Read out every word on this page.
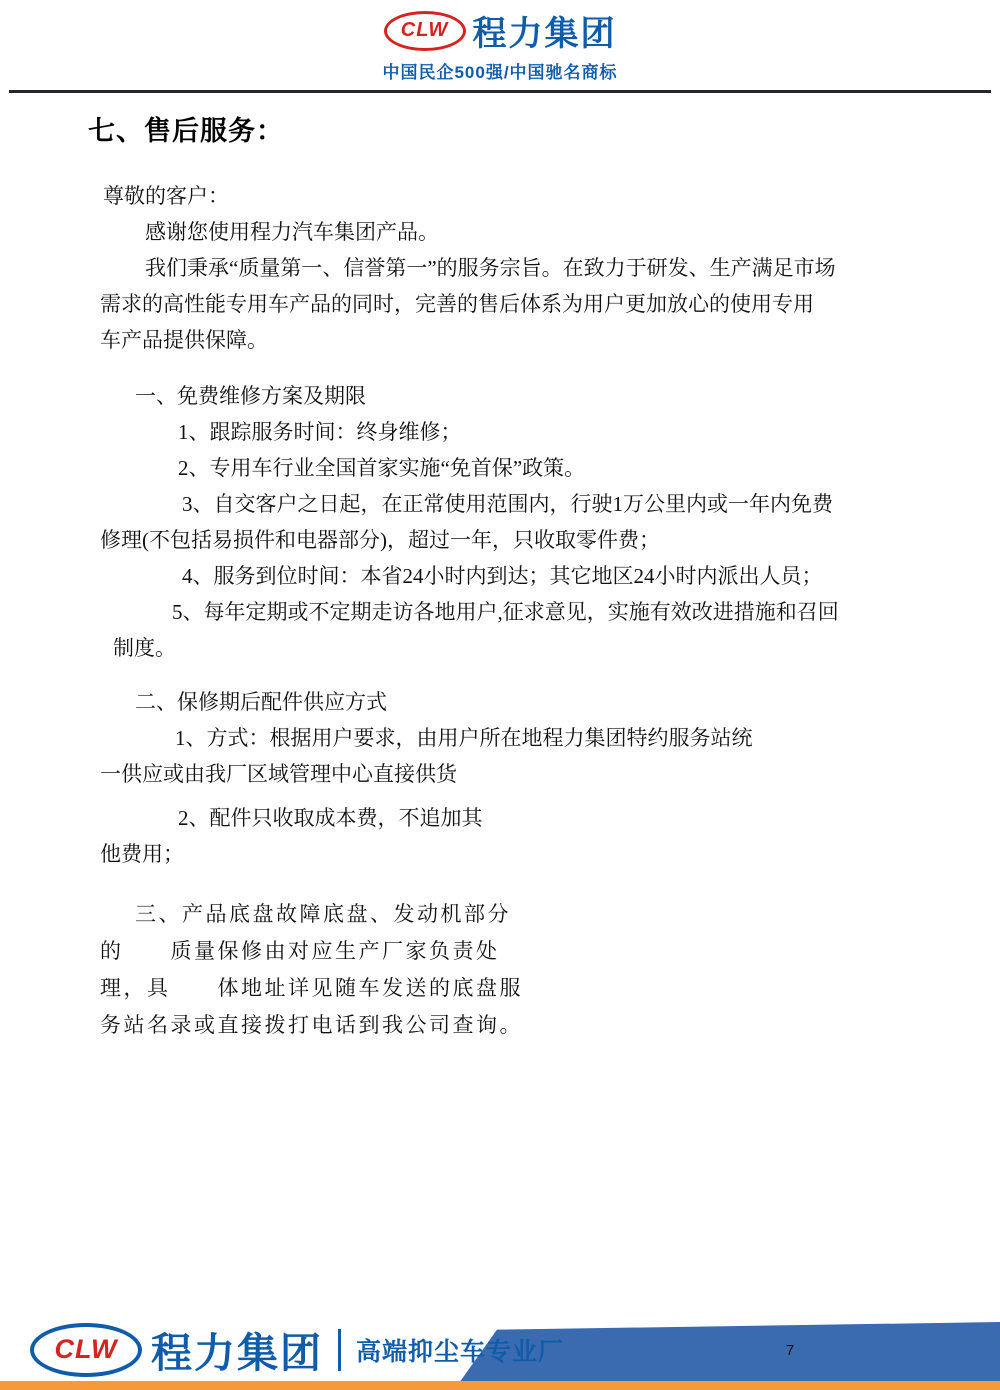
CLW 程力集团
中国民企500强/中国驰名商标
七、售后服务：
尊敬的客户：
感谢您使用程力汽车集团产品。
我们秉承“质量第一、信誉第一”的服务宗旨。在致力于研发、生产满足市场
需求的高性能专用车产品的同时，完善的售后体系为用户更加放心的使用专用
车产品提供保障。
一、免费维修方案及期限
1、跟踪服务时间：终身维修；
2、专用车行业全国首家实施“免首保”政策。
3、自交客户之日起，在正常使用范围内，行驶1万公里内或一年内免费
修理(不包括易损件和电器部分)，超过一年，只收取零件费；
4、服务到位时间：本省24小时内到达；其它地区24小时内派出人员；
5、每年定期或不定期走访各地用户,征求意见，实施有效改进措施和召回
制度。
二、保修期后配件供应方式
1、方式：根据用户要求，由用户所在地程力集团特约服务站统
一供应或由我厂区域管理中心直接供货
2、配件只收取成本费，不追加其
他费用；
三、产品底盘故障底盘、发动机部分
的　　质量保修由对应生产厂家负责处
理，具　　体地址详见随车发送的底盘服
务站名录或直接拨打电话到我公司查询。
7
CLW 程力集团 高端抑尘车专业厂
